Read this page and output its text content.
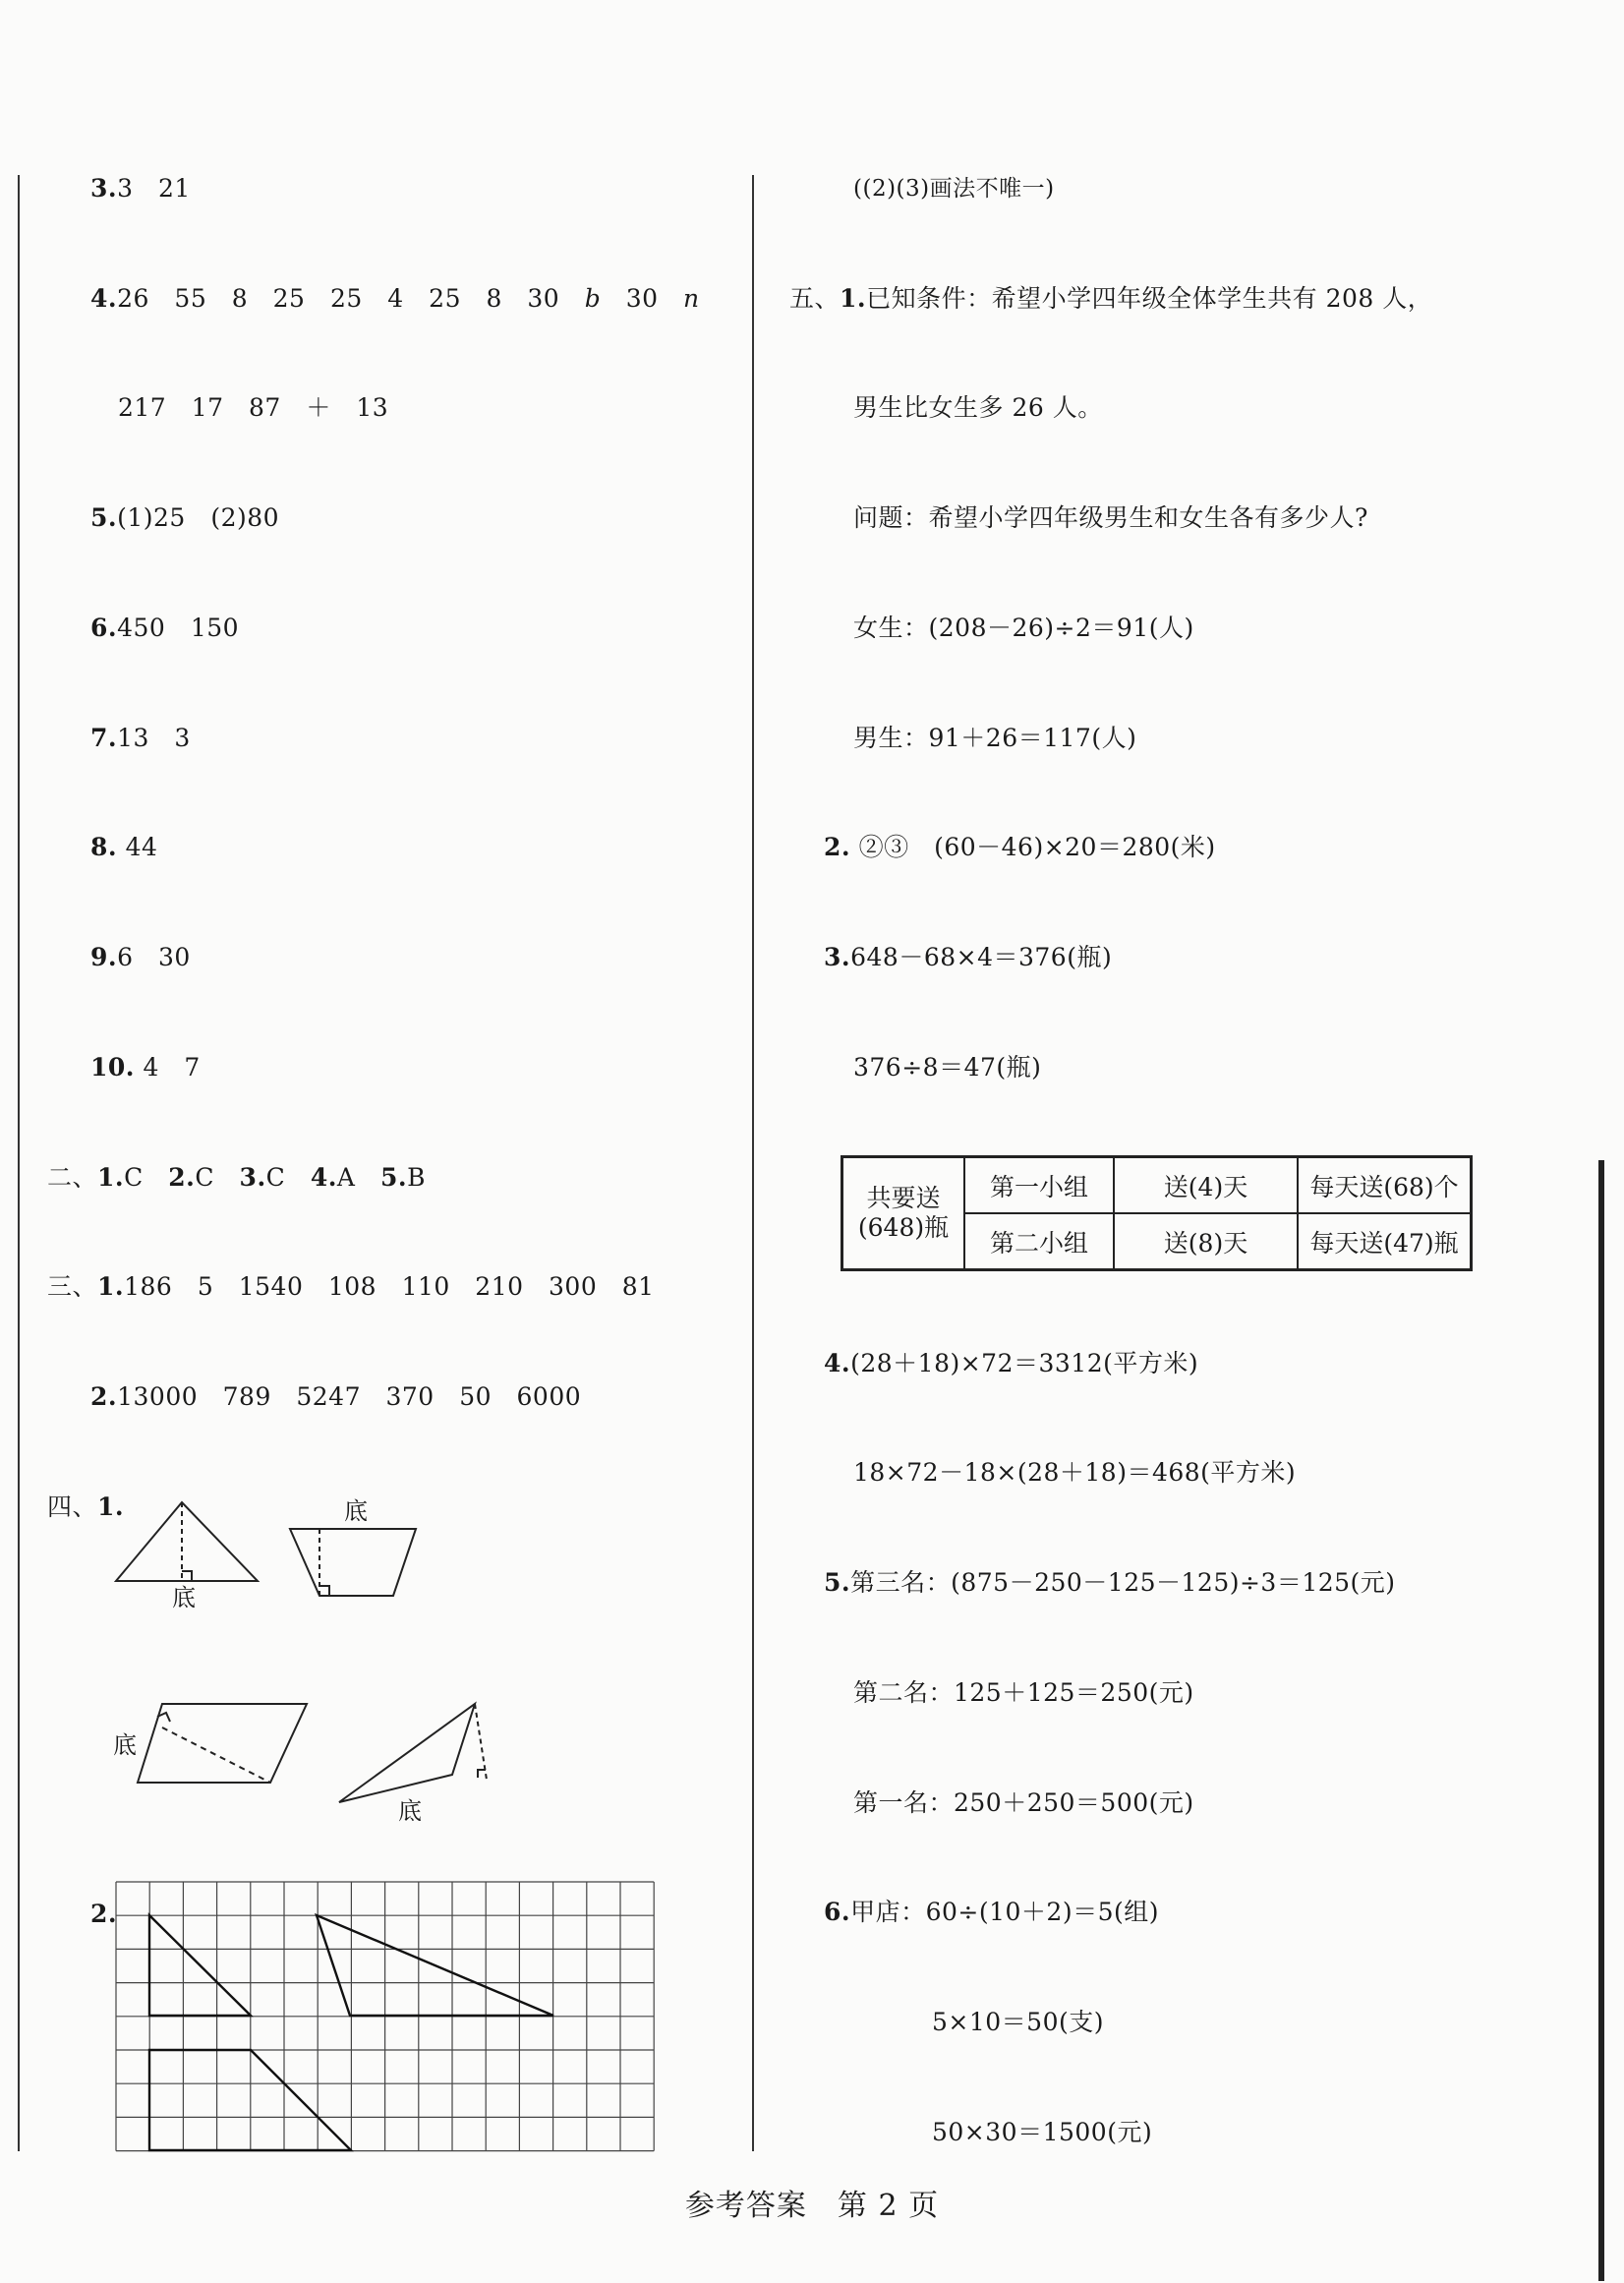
3.3　21
4.26　55　8　25　25　4　25　8　30　b　30　n
217　17　87　＋　13
5.(1)25　(2)80
6.450　150
7.13　3
8. 44
9.6　30
10. 4　7
二、1.C　 2.C　 3.C　 4.A　 5.B
三、1.186　5　1540　108　110　210　300　81
2.13000　789　5247　370　50　6000
四、1.
底
底
底
底
2.
((2)(3)画法不唯一)
五、1.已知条件：希望小学四年级全体学生共有 208 人，
男生比女生多 26 人。
问题：希望小学四年级男生和女生各有多少人?
女生：(208－26)÷2＝91(人)
男生：91＋26＝117(人)
2. ②③　(60－46)×20＝280(米)
3.648－68×4＝376(瓶)
376÷8＝47(瓶)
共要送
(648)瓶	第一小组	送(4)天	每天送(68)个
	第二小组	送(8)天	每天送(47)瓶
4.(28＋18)×72＝3312(平方米)
18×72－18×(28＋18)＝468(平方米)
5.第三名：(875－250－125－125)÷3＝125(元)
第二名：125＋125＝250(元)
第一名：250＋250＝500(元)
6.甲店：60÷(10＋2)＝5(组)
5×10＝50(支)
50×30＝1500(元)
参考答案　第 2 页
